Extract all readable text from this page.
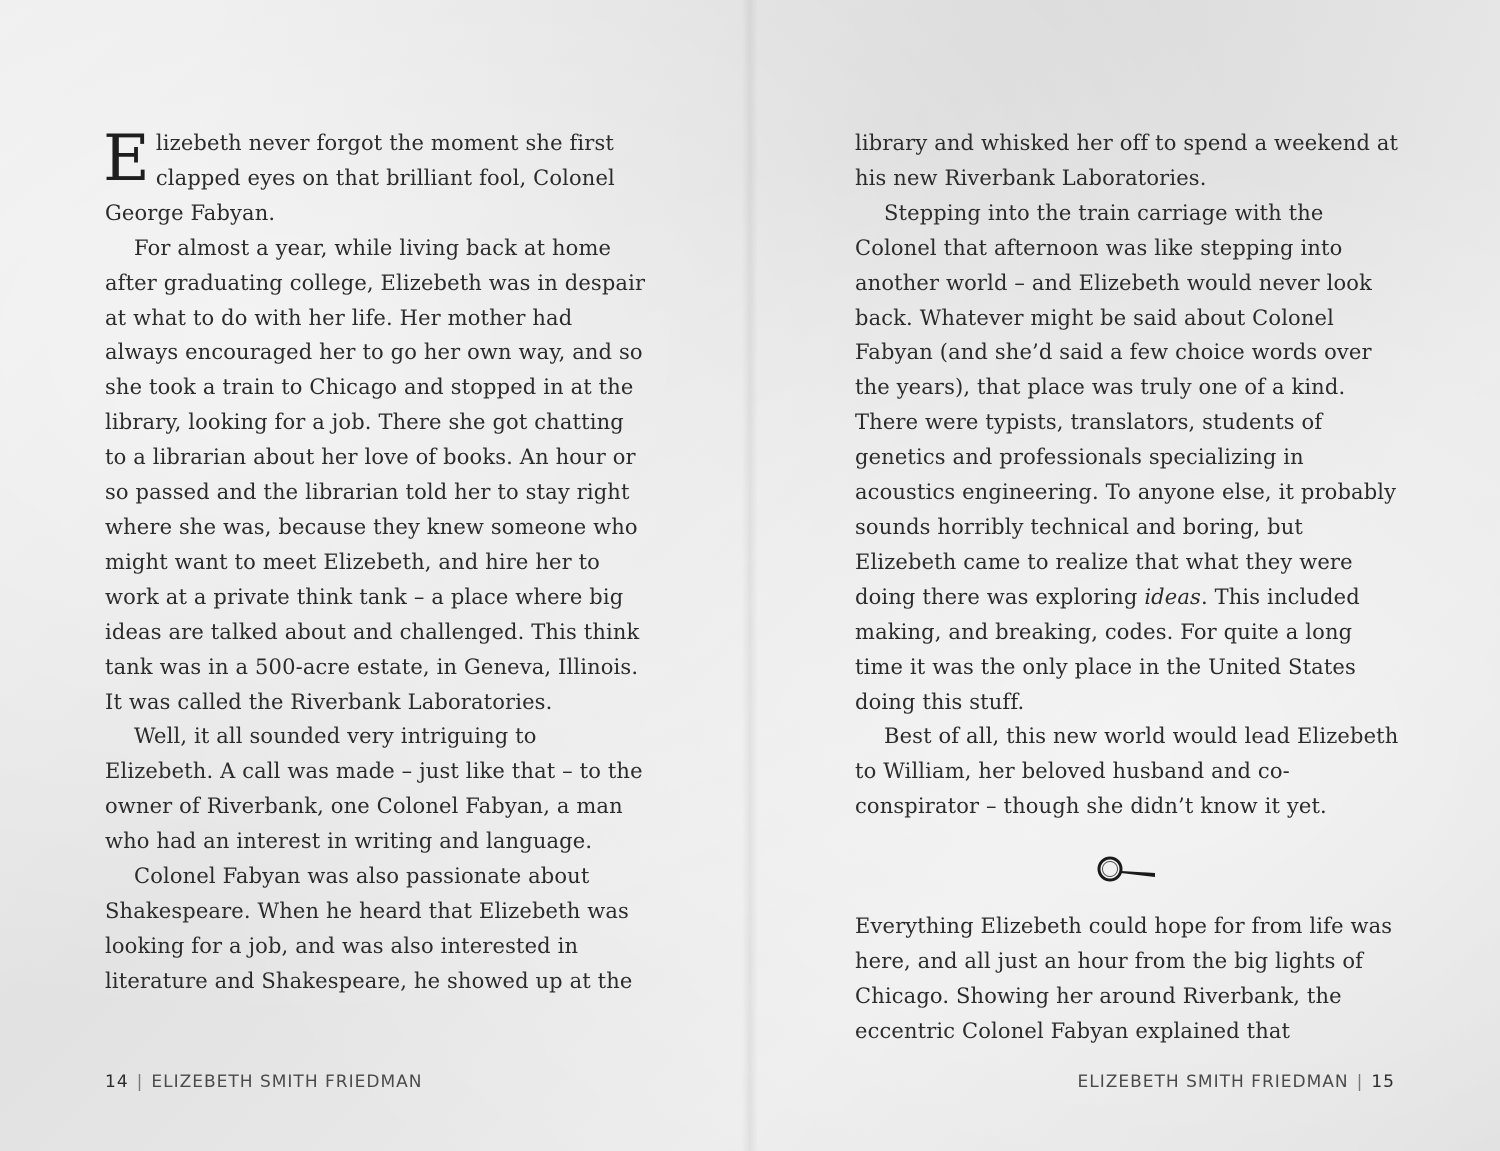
Elizebeth never forgot the moment she first clapped eyes on that brilliant fool, Colonel George Fabyan.

For almost a year, while living back at home after graduating college, Elizebeth was in despair at what to do with her life. Her mother had always encouraged her to go her own way, and so she took a train to Chicago and stopped in at the library, looking for a job. There she got chatting to a librarian about her love of books. An hour or so passed and the librarian told her to stay right where she was, because they knew someone who might want to meet Elizebeth, and hire her to work at a private think tank – a place where big ideas are talked about and challenged. This think tank was in a 500-acre estate, in Geneva, Illinois. It was called the Riverbank Laboratories.

Well, it all sounded very intriguing to Elizebeth. A call was made – just like that – to the owner of Riverbank, one Colonel Fabyan, a man who had an interest in writing and language.

Colonel Fabyan was also passionate about Shakespeare. When he heard that Elizebeth was looking for a job, and was also interested in literature and Shakespeare, he showed up at the

library and whisked her off to spend a weekend at his new Riverbank Laboratories.

Stepping into the train carriage with the Colonel that afternoon was like stepping into another world – and Elizebeth would never look back. Whatever might be said about Colonel Fabyan (and she’d said a few choice words over the years), that place was truly one of a kind. There were typists, translators, students of genetics and professionals specializing in acoustics engineering. To anyone else, it probably sounds horribly technical and boring, but Elizebeth came to realize that what they were doing there was exploring ideas. This included making, and breaking, codes. For quite a long time it was the only place in the United States doing this stuff.

Best of all, this new world would lead Elizebeth to William, her beloved husband and co-conspirator – though she didn’t know it yet.

Everything Elizebeth could hope for from life was here, and all just an hour from the big lights of Chicago. Showing her around Riverbank, the eccentric Colonel Fabyan explained that

14 | ELIZEBETH SMITH FRIEDMAN	ELIZEBETH SMITH FRIEDMAN | 15
